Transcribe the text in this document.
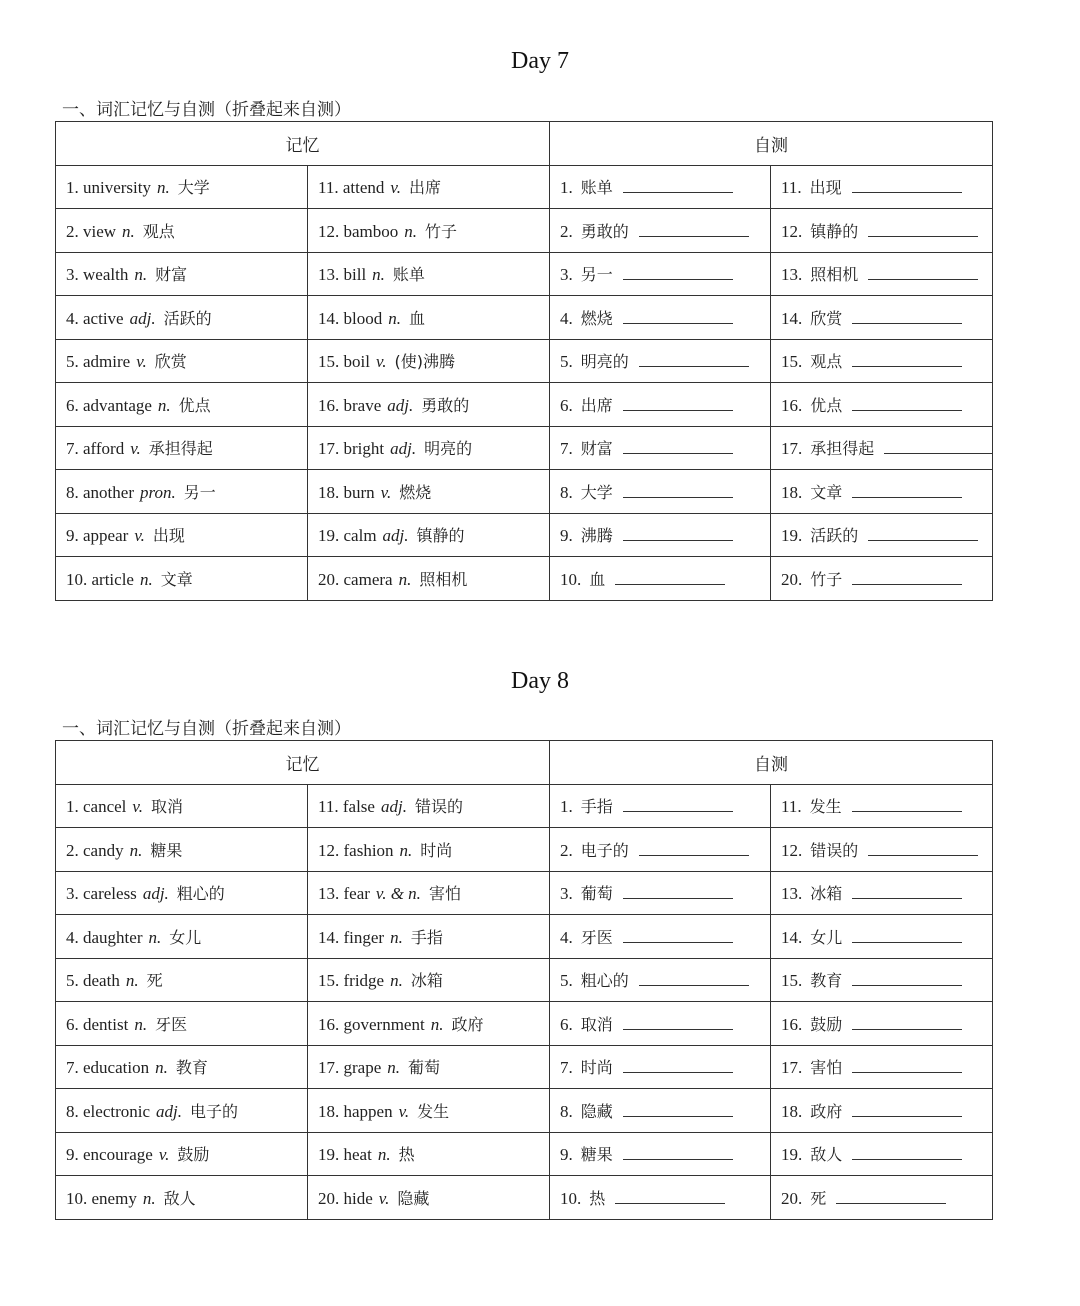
Day 7
一、词汇记忆与自测（折叠起来自测）
记忆		自测	
1. university n. 大学	11. attend v. 出席	1. 账单	11. 出现
2. view n. 观点	12. bamboo n. 竹子	2. 勇敢的	12. 镇静的
3. wealth n. 财富	13. bill n. 账单	3. 另一	13. 照相机
4. active adj. 活跃的	14. blood n. 血	4. 燃烧	14. 欣赏
5. admire v. 欣赏	15. boil v. (使)沸腾	5. 明亮的	15. 观点
6. advantage n. 优点	16. brave adj. 勇敢的	6. 出席	16. 优点
7. afford v. 承担得起	17. bright adj. 明亮的	7. 财富	17. 承担得起
8. another pron. 另一	18. burn v. 燃烧	8. 大学	18. 文章
9. appear v. 出现	19. calm adj. 镇静的	9. 沸腾	19. 活跃的
10. article n. 文章	20. camera n. 照相机	10. 血	20. 竹子
Day 8
一、词汇记忆与自测（折叠起来自测）
记忆		自测	
1. cancel v. 取消	11. false adj. 错误的	1. 手指	11. 发生
2. candy n. 糖果	12. fashion n. 时尚	2. 电子的	12. 错误的
3. careless adj. 粗心的	13. fear v. & n. 害怕	3. 葡萄	13. 冰箱
4. daughter n. 女儿	14. finger n. 手指	4. 牙医	14. 女儿
5. death n. 死	15. fridge n. 冰箱	5. 粗心的	15. 教育
6. dentist n. 牙医	16. government n. 政府	6. 取消	16. 鼓励
7. education n. 教育	17. grape n. 葡萄	7. 时尚	17. 害怕
8. electronic adj. 电子的	18. happen v. 发生	8. 隐藏	18. 政府
9. encourage v. 鼓励	19. heat n. 热	9. 糖果	19. 敌人
10. enemy n. 敌人	20. hide v. 隐藏	10. 热	20. 死
